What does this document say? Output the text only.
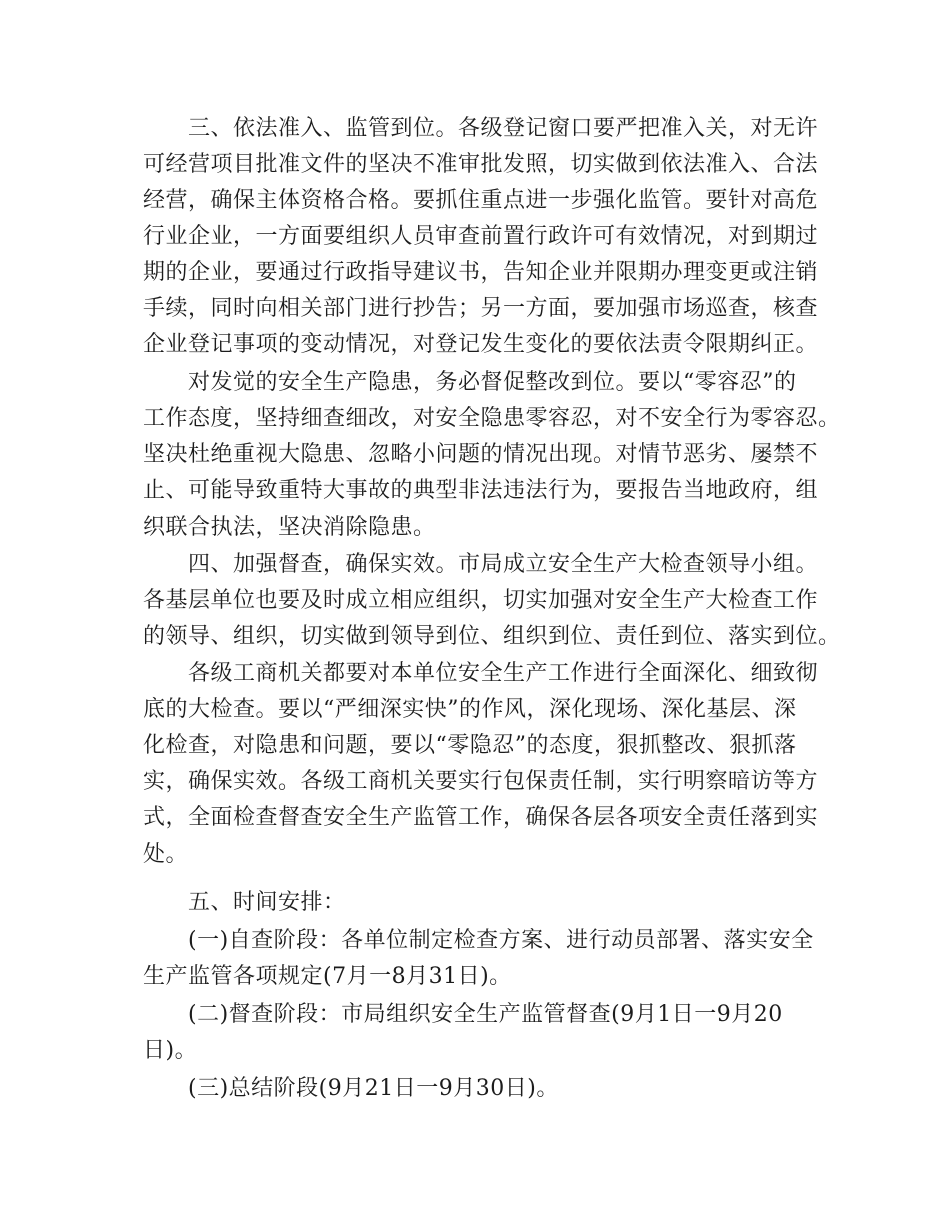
三、依法准入、监管到位。各级登记窗口要严把准入关，对无许
可经营项目批准文件的坚决不准审批发照，切实做到依法准入、合法
经营，确保主体资格合格。要抓住重点进一步强化监管。要针对高危
行业企业，一方面要组织人员审查前置行政许可有效情况，对到期过
期的企业，要通过行政指导建议书，告知企业并限期办理变更或注销
手续，同时向相关部门进行抄告；另一方面，要加强市场巡查，核查
企业登记事项的变动情况，对登记发生变化的要依法责令限期纠正。
对发觉的安全生产隐患，务必督促整改到位。要以“零容忍”的
工作态度，坚持细查细改，对安全隐患零容忍，对不安全行为零容忍。
坚决杜绝重视大隐患、忽略小问题的情况出现。对情节恶劣、屡禁不
止、可能导致重特大事故的典型非法违法行为，要报告当地政府，组
织联合执法，坚决消除隐患。
四、加强督查，确保实效。市局成立安全生产大检查领导小组。
各基层单位也要及时成立相应组织，切实加强对安全生产大检查工作
的领导、组织，切实做到领导到位、组织到位、责任到位、落实到位。
各级工商机关都要对本单位安全生产工作进行全面深化、细致彻
底的大检查。要以“严细深实快”的作风，深化现场、深化基层、深
化检查，对隐患和问题，要以“零隐忍”的态度，狠抓整改、狠抓落
实，确保实效。各级工商机关要实行包保责任制，实行明察暗访等方
式，全面检查督查安全生产监管工作，确保各层各项安全责任落到实
处。
五、时间安排：
(一)自查阶段：各单位制定检查方案、进行动员部署、落实安全
生产监管各项规定(7月一8月31日)。
(二)督查阶段：市局组织安全生产监管督查(9月1日一9月20
日)。
(三)总结阶段(9月21日一9月30日)。
